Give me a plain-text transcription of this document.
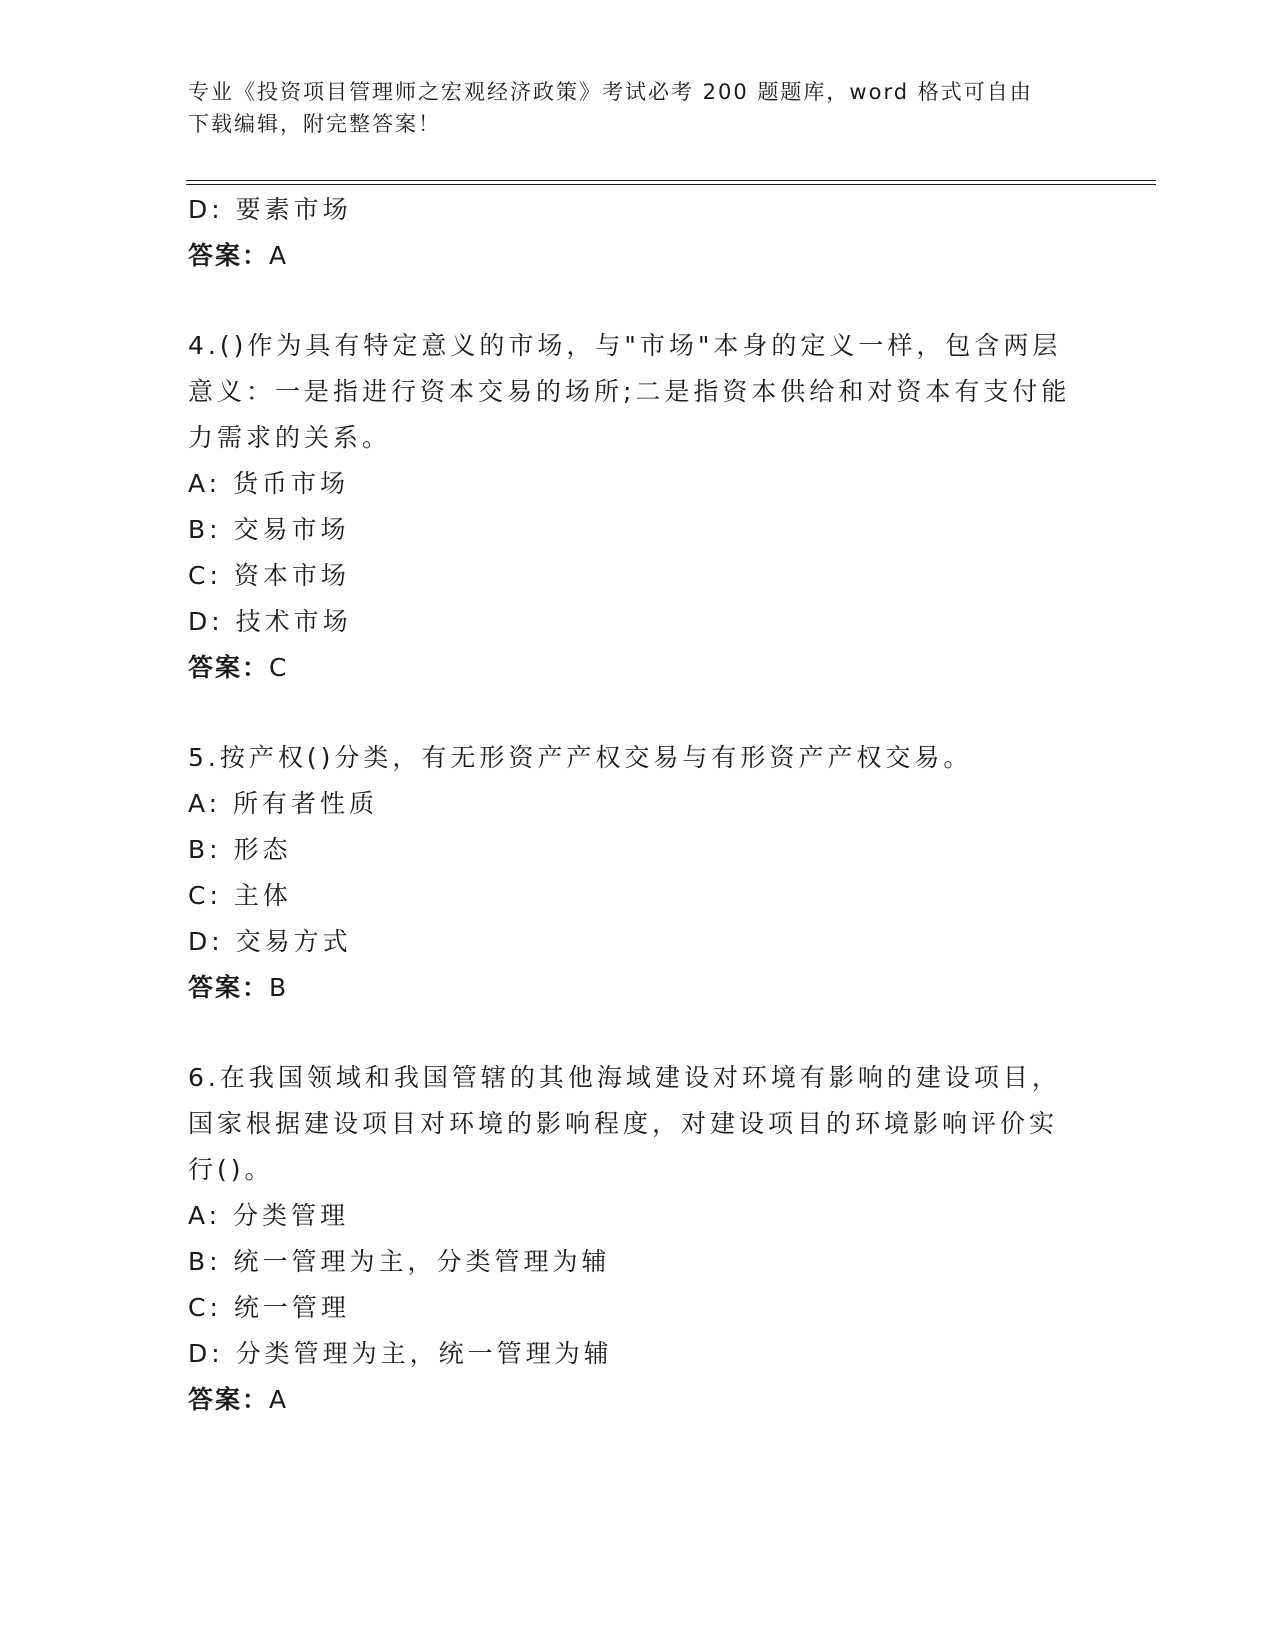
专业《投资项目管理师之宏观经济政策》考试必考 200 题题库，word 格式可自由
下载编辑，附完整答案！
D: 要素市场
答案：A
4.()作为具有特定意义的市场，与"市场"本身的定义一样，包含两层
意义：一是指进行资本交易的场所;二是指资本供给和对资本有支付能
力需求的关系。
A: 货币市场
B: 交易市场
C: 资本市场
D: 技术市场
答案：C
5.按产权()分类，有无形资产产权交易与有形资产产权交易。
A: 所有者性质
B: 形态
C: 主体
D: 交易方式
答案：B
6.在我国领域和我国管辖的其他海域建设对环境有影响的建设项目，
国家根据建设项目对环境的影响程度，对建设项目的环境影响评价实
行()。
A: 分类管理
B: 统一管理为主，分类管理为辅
C: 统一管理
D: 分类管理为主，统一管理为辅
答案：A
